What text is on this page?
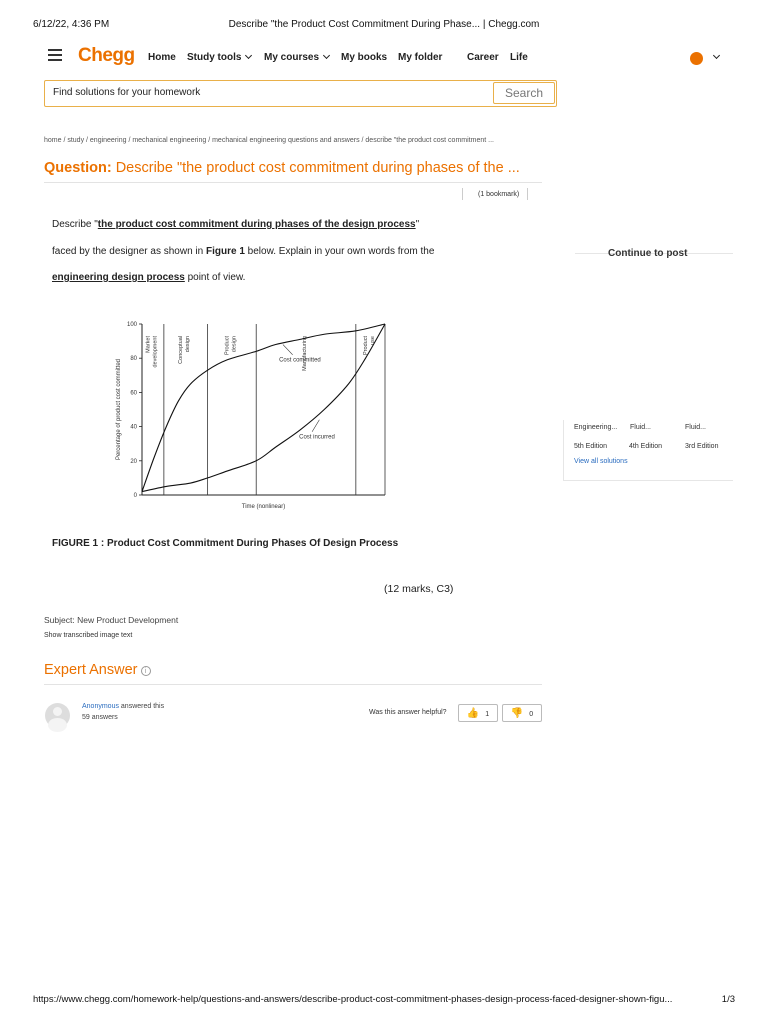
6/12/22, 4:36 PM	Describe "the Product Cost Commitment During Phase... | Chegg.com
Chegg Home Study tools	My courses	My books My folder Career Life
Find solutions for your homework
Search
home / study / engineering / mechanical engineering / mechanical engineering questions and answers / describe "the product cost commitment ...
Question: Describe "the product cost commitment during phases of the ...
(1 bookmark)
Describe "the product cost commitment during phases of the design process"
faced by the designer as shown in Figure 1 below. Explain in your own words from the
engineering design process point of view.
0
20
40
60
80
100
Market development	Conceptual design	Product design	Manufacturing	Product use
Cost committed
Cost incurred
Time (nonlinear)
Percentage of product cost committed
FIGURE 1 : Product Cost Commitment During Phases Of Design Process
(12 marks, C3)
Subject: New Product Development
Show transcribed image text
Expert Answer i
Anonymous answered this
59 answers
Was this answer helpful?	👍 1	👎 0
Continue to post
Engineering... Fluid...	Fluid...
5th Edition	4th Edition	3rd Edition
View all solutions
https://www.chegg.com/homework-help/questions-and-answers/describe-product-cost-commitment-phases-design-process-faced-designer-shown-figu...	1/3
